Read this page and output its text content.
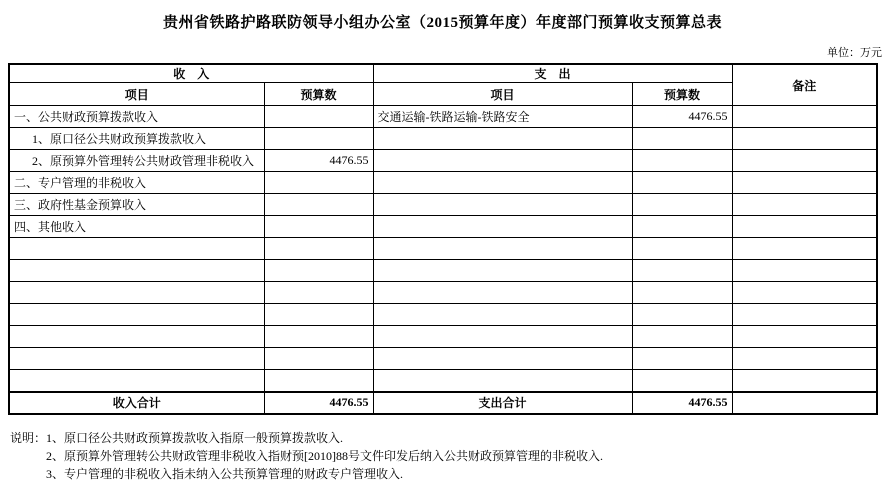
贵州省铁路护路联防领导小组办公室（2015预算年度）年度部门预算收支预算总表
单位：万元
收　入		支　出		备注
项目	预算数	项目	预算数	
一、公共财政预算拨款收入		交通运输-铁路运输-铁路安全	4476.55	
1、原口径公共财政预算拨款收入				
2、原预算外管理转公共财政管理非税收入	4476.55			
二、专户管理的非税收入				
三、政府性基金预算收入				
四、其他收入				

收入合计	4476.55	支出合计	4476.55	
说明： 1、原口径公共财政预算拨款收入指原一般预算拨款收入.
2、原预算外管理转公共财政管理非税收入指财预[2010]88号文件印发后纳入公共财政预算管理的非税收入.
3、专户管理的非税收入指未纳入公共预算管理的财政专户管理收入.
